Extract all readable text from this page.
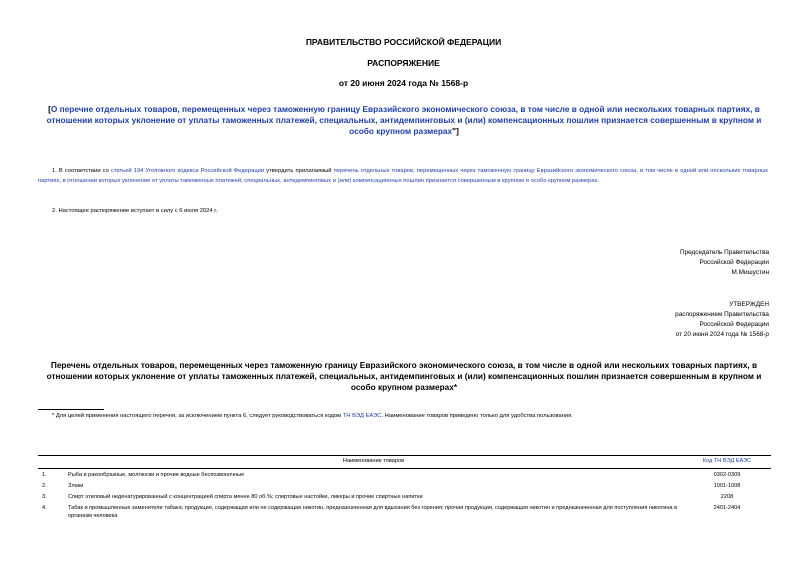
ПРАВИТЕЛЬСТВО РОССИЙСКОЙ ФЕДЕРАЦИИ
РАСПОРЯЖЕНИЕ
от 20 июня 2024 года № 1568-р
[О перечне отдельных товаров, перемещенных через таможенную границу Евразийского экономического союза, в том числе в одной или нескольких товарных партиях, в отношении которых уклонение от уплаты таможенных платежей, специальных, антидемпинговых и (или) компенсационных пошлин признается совершенным в крупном и особо крупном размерах"]
1. В соответствии со статьей 194 Уголовного кодекса Российской Федерации утвердить прилагаемый перечень отдельных товаров, перемещенных через таможенную границу Евразийского экономического союза, в том числе в одной или нескольких товарных партиях, в отношении которых уклонение от уплаты таможенных платежей, специальных, антидемпинговых и (или) компенсационных пошлин признается совершенным в крупном и особо крупном размерах.
2. Настоящее распоряжение вступает в силу с 6 июля 2024 г.
Председатель Правительства
Российской Федерации
М.Мишустин
УТВЕРЖДЕН
распоряжением Правительства
Российской Федерации
от 20 июня 2024 года № 1568-р
Перечень отдельных товаров, перемещенных через таможенную границу Евразийского экономического союза, в том числе в одной или нескольких товарных партиях, в отношении которых уклонение от уплаты таможенных платежей, специальных, антидемпинговых и (или) компенсационных пошлин признается совершенным в крупном и особо крупном размерах*
* Для целей применения настоящего перечня, за исключением пункта 6, следует руководствоваться кодом ТН ВЭД ЕАЭС. Наименование товаров приведено только для удобства пользования.
	Наименование товаров	Код ТН ВЭД ЕАЭС
1.	Рыба и ракообразные, моллюски и прочие водные беспозвоночные	0302-0309
2.	Злаки	1001-1008
3.	Спирт этиловый неденатурированный с концентрацией спирта менее 80 об.%; спиртовые настойки, ликеры и прочие спиртные напитки	2208
4.	Табак и промышленные заменители табака; продукция, содержащая или не содержащая никотин, предназначенная для вдыхания без горения; прочая продукция, содержащая никотин и предназначенная для поступления никотина в организм человека	2401-2404
